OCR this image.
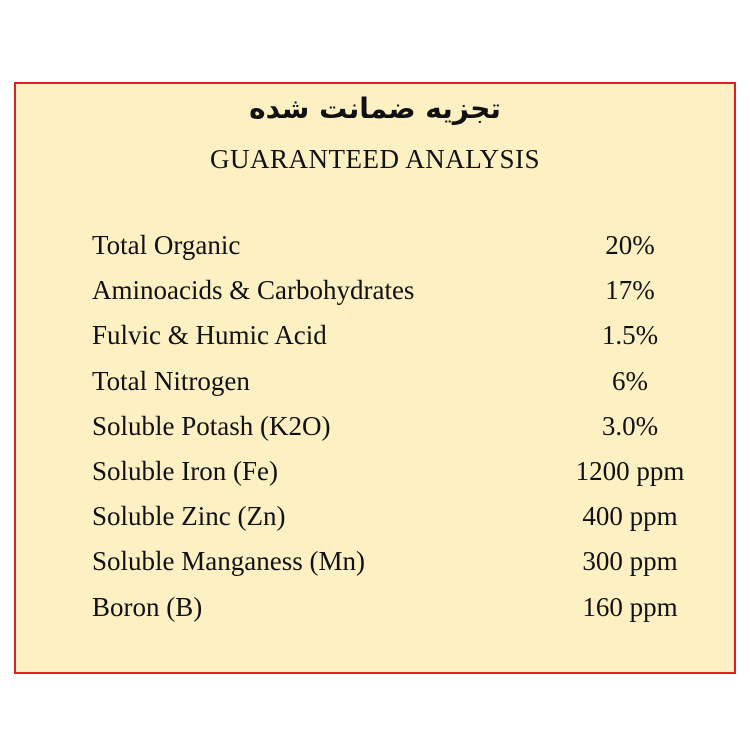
تجزیه ضمانت شده
GUARANTEED ANALYSIS
Total Organic	20%
Aminoacids & Carbohydrates	17%
Fulvic & Humic Acid	1.5%
Total Nitrogen	6%
Soluble Potash (K2O)	3.0%
Soluble Iron (Fe)	1200 ppm
Soluble Zinc (Zn)	400 ppm
Soluble Manganess (Mn)	300 ppm
Boron (B)	160 ppm
